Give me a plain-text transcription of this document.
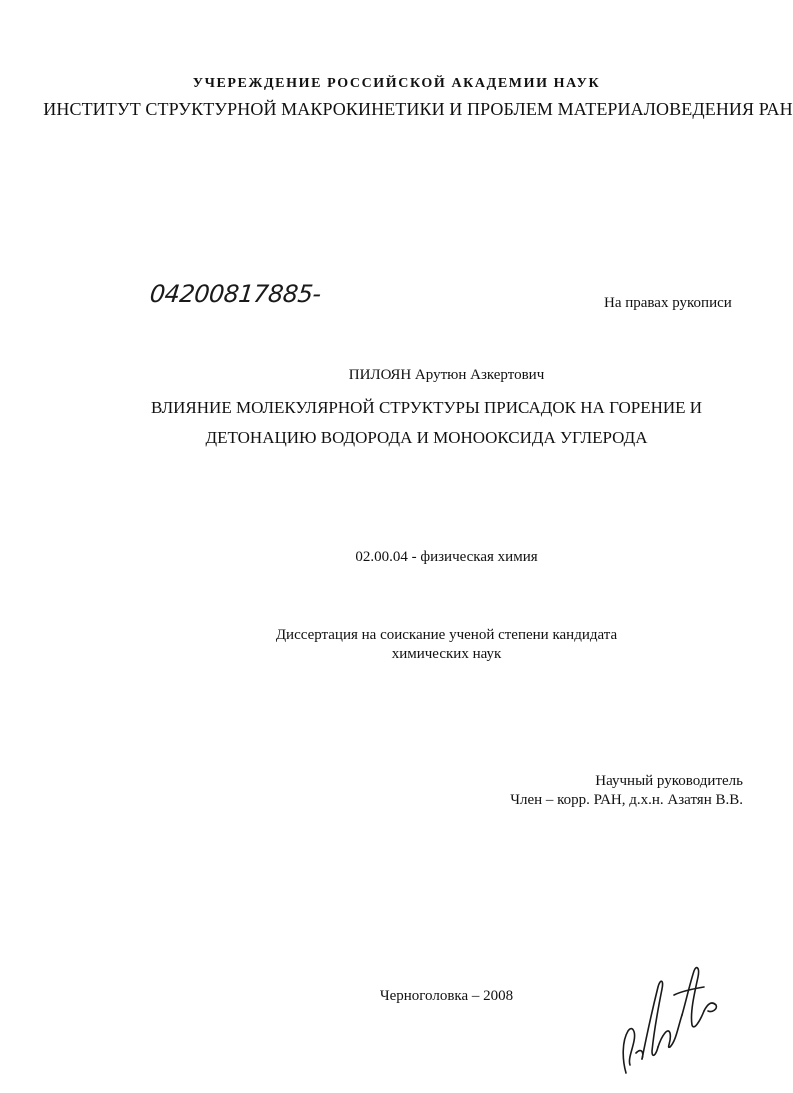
УЧЕРЕЖДЕНИЕ РОССИЙСКОЙ АКАДЕМИИ НАУК
ИНСТИТУТ СТРУКТУРНОЙ МАКРОКИНЕТИКИ И ПРОБЛЕМ МАТЕРИАЛОВЕДЕНИЯ РАН
04200817885-	На правах рукописи
ПИЛОЯН Арутюн Азкертович
ВЛИЯНИЕ МОЛЕКУЛЯРНОЙ СТРУКТУРЫ ПРИСАДОК НА ГОРЕНИЕ И
ДЕТОНАЦИЮ ВОДОРОДА И МОНООКСИДА УГЛЕРОДА
02.00.04 - физическая химия
Диссертация на соискание ученой степени кандидата
химических наук
Научный руководитель
Член – корр. РАН, д.х.н. Азатян В.В.
Черноголовка – 2008
